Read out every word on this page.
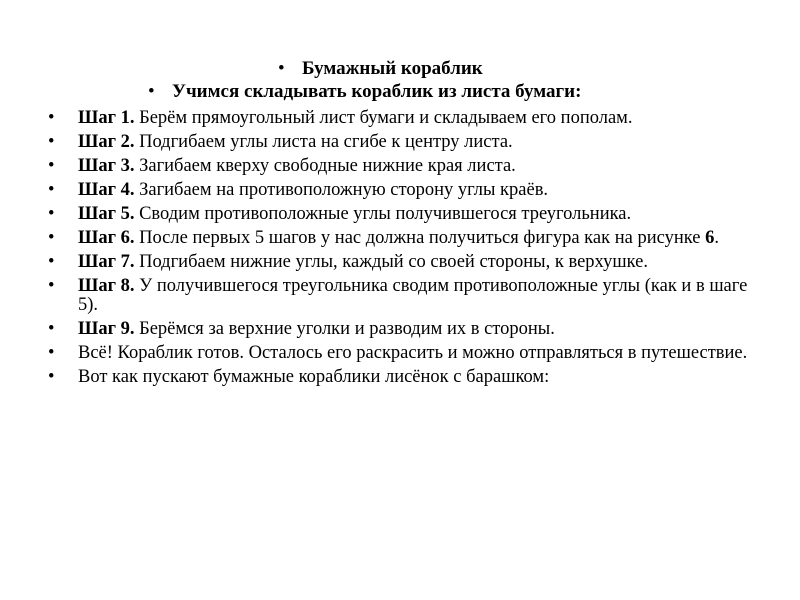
• Бумажный кораблик
• Учимся складывать кораблик из листа бумаги:
• Шаг 1. Берём прямоугольный лист бумаги и складываем его пополам.
• Шаг 2. Подгибаем углы листа на сгибе к центру листа.
• Шаг 3. Загибаем кверху свободные нижние края листа.
• Шаг 4. Загибаем на противоположную сторону углы краёв.
• Шаг 5. Сводим противоположные углы получившегося треугольника.
• Шаг 6. После первых 5 шагов у нас должна получиться фигура как на рисунке 6.
• Шаг 7. Подгибаем нижние углы, каждый со своей стороны, к верхушке.
• Шаг 8. У получившегося треугольника сводим противоположные углы (как и в шаге 5).
• Шаг 9. Берёмся за верхние уголки и разводим их в стороны.
• Всё! Кораблик готов. Осталось его раскрасить и можно отправляться в путешествие.
• Вот как пускают бумажные кораблики лисёнок с барашком:
